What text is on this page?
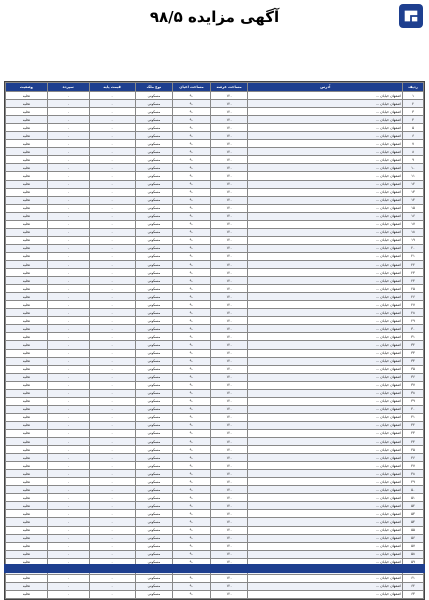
آگهی مزایده ۹۸/۵
ردیف	آدرس	مساحت عرصه	مساحت اعیان	نوع ملک	قیمت پایه	سپرده	وضعیت
۱	اصفهان خیابان ...	۱۲۰	۹۰	مسکونی	۰	۰	تخلیه
۲	اصفهان خیابان ...	۱۲۰	۹۰	مسکونی	۰	۰	تخلیه
۳	اصفهان خیابان ...	۱۲۰	۹۰	مسکونی	۰	۰	تخلیه
۴	اصفهان خیابان ...	۱۲۰	۹۰	مسکونی	۰	۰	تخلیه
۵	اصفهان خیابان ...	۱۲۰	۹۰	مسکونی	۰	۰	تخلیه
۶	اصفهان خیابان ...	۱۲۰	۹۰	مسکونی	۰	۰	تخلیه
۷	اصفهان خیابان ...	۱۲۰	۹۰	مسکونی	۰	۰	تخلیه
۸	اصفهان خیابان ...	۱۲۰	۹۰	مسکونی	۰	۰	تخلیه
۹	اصفهان خیابان ...	۱۲۰	۹۰	مسکونی	۰	۰	تخلیه
۱۰	اصفهان خیابان ...	۱۲۰	۹۰	مسکونی	۰	۰	تخلیه
۱۱	اصفهان خیابان ...	۱۲۰	۹۰	مسکونی	۰	۰	تخلیه
۱۲	اصفهان خیابان ...	۱۲۰	۹۰	مسکونی	۰	۰	تخلیه
۱۳	اصفهان خیابان ...	۱۲۰	۹۰	مسکونی	۰	۰	تخلیه
۱۴	اصفهان خیابان ...	۱۲۰	۹۰	مسکونی	۰	۰	تخلیه
۱۵	اصفهان خیابان ...	۱۲۰	۹۰	مسکونی	۰	۰	تخلیه
۱۶	اصفهان خیابان ...	۱۲۰	۹۰	مسکونی	۰	۰	تخلیه
۱۷	اصفهان خیابان ...	۱۲۰	۹۰	مسکونی	۰	۰	تخلیه
۱۸	اصفهان خیابان ...	۱۲۰	۹۰	مسکونی	۰	۰	تخلیه
۱۹	اصفهان خیابان ...	۱۲۰	۹۰	مسکونی	۰	۰	تخلیه
۲۰	اصفهان خیابان ...	۱۲۰	۹۰	مسکونی	۰	۰	تخلیه
۲۱	اصفهان خیابان ...	۱۲۰	۹۰	مسکونی	۰	۰	تخلیه
۲۲	اصفهان خیابان ...	۱۲۰	۹۰	مسکونی	۰	۰	تخلیه
۲۳	اصفهان خیابان ...	۱۲۰	۹۰	مسکونی	۰	۰	تخلیه
۲۴	اصفهان خیابان ...	۱۲۰	۹۰	مسکونی	۰	۰	تخلیه
۲۵	اصفهان خیابان ...	۱۲۰	۹۰	مسکونی	۰	۰	تخلیه
۲۶	اصفهان خیابان ...	۱۲۰	۹۰	مسکونی	۰	۰	تخلیه
۲۷	اصفهان خیابان ...	۱۲۰	۹۰	مسکونی	۰	۰	تخلیه
۲۸	اصفهان خیابان ...	۱۲۰	۹۰	مسکونی	۰	۰	تخلیه
۲۹	اصفهان خیابان ...	۱۲۰	۹۰	مسکونی	۰	۰	تخلیه
۳۰	اصفهان خیابان ...	۱۲۰	۹۰	مسکونی	۰	۰	تخلیه
۳۱	اصفهان خیابان ...	۱۲۰	۹۰	مسکونی	۰	۰	تخلیه
۳۲	اصفهان خیابان ...	۱۲۰	۹۰	مسکونی	۰	۰	تخلیه
۳۳	اصفهان خیابان ...	۱۲۰	۹۰	مسکونی	۰	۰	تخلیه
۳۴	اصفهان خیابان ...	۱۲۰	۹۰	مسکونی	۰	۰	تخلیه
۳۵	اصفهان خیابان ...	۱۲۰	۹۰	مسکونی	۰	۰	تخلیه
۳۶	اصفهان خیابان ...	۱۲۰	۹۰	مسکونی	۰	۰	تخلیه
۳۷	اصفهان خیابان ...	۱۲۰	۹۰	مسکونی	۰	۰	تخلیه
۳۸	اصفهان خیابان ...	۱۲۰	۹۰	مسکونی	۰	۰	تخلیه
۳۹	اصفهان خیابان ...	۱۲۰	۹۰	مسکونی	۰	۰	تخلیه
۴۰	اصفهان خیابان ...	۱۲۰	۹۰	مسکونی	۰	۰	تخلیه
۴۱	اصفهان خیابان ...	۱۲۰	۹۰	مسکونی	۰	۰	تخلیه
۴۲	اصفهان خیابان ...	۱۲۰	۹۰	مسکونی	۰	۰	تخلیه
۴۳	اصفهان خیابان ...	۱۲۰	۹۰	مسکونی	۰	۰	تخلیه
۴۴	اصفهان خیابان ...	۱۲۰	۹۰	مسکونی	۰	۰	تخلیه
۴۵	اصفهان خیابان ...	۱۲۰	۹۰	مسکونی	۰	۰	تخلیه
۴۶	اصفهان خیابان ...	۱۲۰	۹۰	مسکونی	۰	۰	تخلیه
۴۷	اصفهان خیابان ...	۱۲۰	۹۰	مسکونی	۰	۰	تخلیه
۴۸	اصفهان خیابان ...	۱۲۰	۹۰	مسکونی	۰	۰	تخلیه
۴۹	اصفهان خیابان ...	۱۲۰	۹۰	مسکونی	۰	۰	تخلیه
۵۰	اصفهان خیابان ...	۱۲۰	۹۰	مسکونی	۰	۰	تخلیه
۵۱	اصفهان خیابان ...	۱۲۰	۹۰	مسکونی	۰	۰	تخلیه
۵۲	اصفهان خیابان ...	۱۲۰	۹۰	مسکونی	۰	۰	تخلیه
۵۳	اصفهان خیابان ...	۱۲۰	۹۰	مسکونی	۰	۰	تخلیه
۵۴	اصفهان خیابان ...	۱۲۰	۹۰	مسکونی	۰	۰	تخلیه
۵۵	اصفهان خیابان ...	۱۲۰	۹۰	مسکونی	۰	۰	تخلیه
۵۶	اصفهان خیابان ...	۱۲۰	۹۰	مسکونی	۰	۰	تخلیه
۵۷	اصفهان خیابان ...	۱۲۰	۹۰	مسکونی	۰	۰	تخلیه
۵۸	اصفهان خیابان ...	۱۲۰	۹۰	مسکونی	۰	۰	تخلیه
۵۹	اصفهان خیابان ...	۱۲۰	۹۰	مسکونی	۰	۰	تخلیه

۶۱	اصفهان خیابان ...	۱۲۰	۹۰	مسکونی	۰	۰	تخلیه
۶۲	اصفهان خیابان ...	۱۲۰	۹۰	مسکونی	۰	۰	تخلیه
۶۳	اصفهان خیابان ...	۱۲۰	۹۰	مسکونی	۰	۰	تخلیه
